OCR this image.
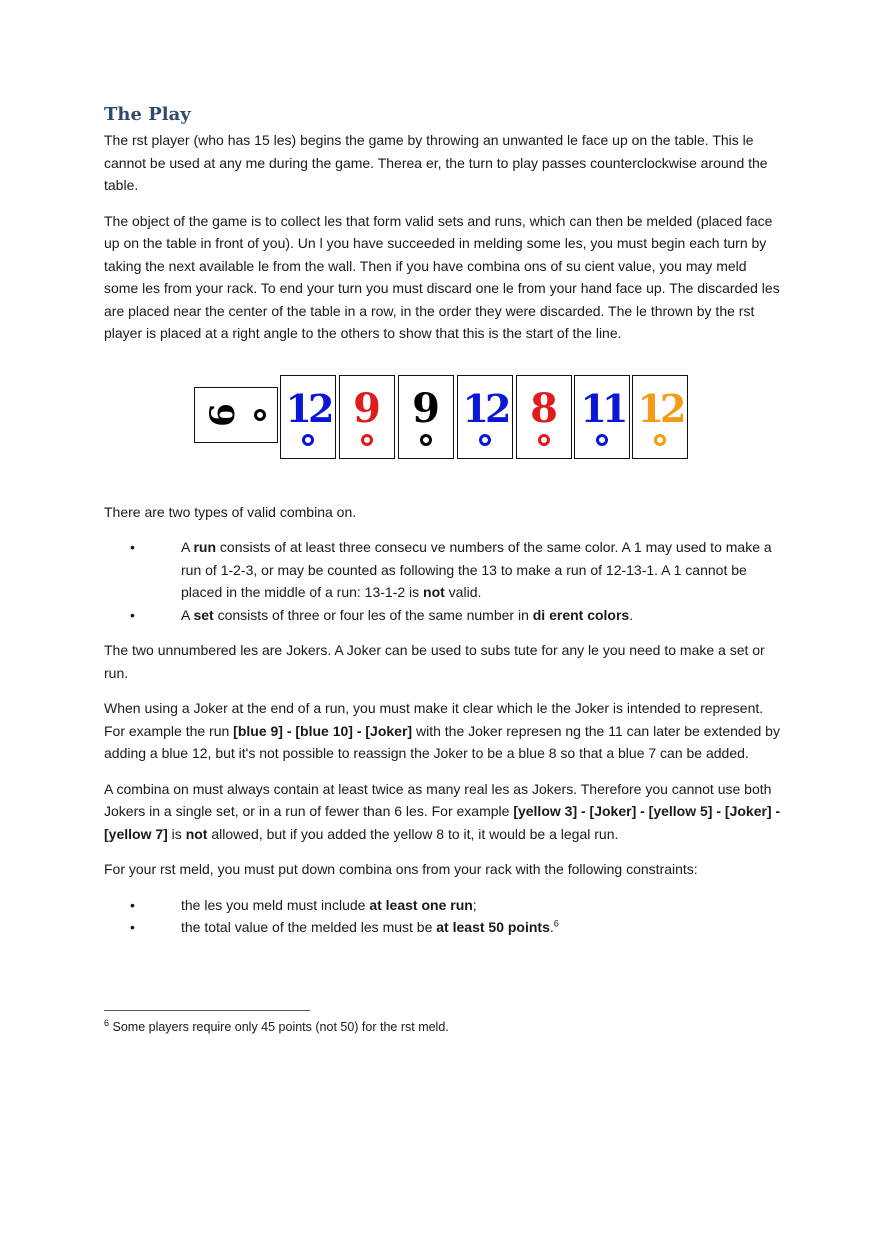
The Play

The rst player (who has 15 les) begins the game by throwing an unwanted le face up on the table. This le cannot be used at any me during the game. Therea er, the turn to play passes counterclockwise around the table.

The object of the game is to collect les that form valid sets and runs, which can then be melded (placed face up on the table in front of you). Un l you have succeeded in melding some les, you must begin each turn by taking the next available le from the wall. Then if you have combina ons of su cient value, you may meld some les from your rack. To end your turn you must discard one le from your hand face up. The discarded les are placed near the center of the table in a row, in the order they were discarded. The le thrown by the rst player is placed at a right angle to the others to show that this is the start of the line.

6 12 9 9 12 8 11 12

There are two types of valid combina on.

•	A run consists of at least three consecu ve numbers of the same color. A 1 may used to make a run of 1-2-3, or may be counted as following the 13 to make a run of 12-13-1. A 1 cannot be placed in the middle of a run: 13-1-2 is not valid.
•	A set consists of three or four les of the same number in di erent colors.

The two unnumbered les are Jokers. A Joker can be used to subs tute for any le you need to make a set or run.

When using a Joker at the end of a run, you must make it clear which le the Joker is intended to represent. For example the run [blue 9] - [blue 10] - [Joker] with the Joker represen ng the 11 can later be extended by adding a blue 12, but it's not possible to reassign the Joker to be a blue 8 so that a blue 7 can be added.

A combina on must always contain at least twice as many real les as Jokers. Therefore you cannot use both Jokers in a single set, or in a run of fewer than 6 les. For example [yellow 3] - [Joker] - [yellow 5] - [Joker] - [yellow 7] is not allowed, but if you added the yellow 8 to it, it would be a legal run.

For your rst meld, you must put down combina ons from your rack with the following constraints:

•	the les you meld must include at least one run;
•	the total value of the melded les must be at least 50 points.$^6$
$^6$ Some players require only 45 points (not 50) for the rst meld.
